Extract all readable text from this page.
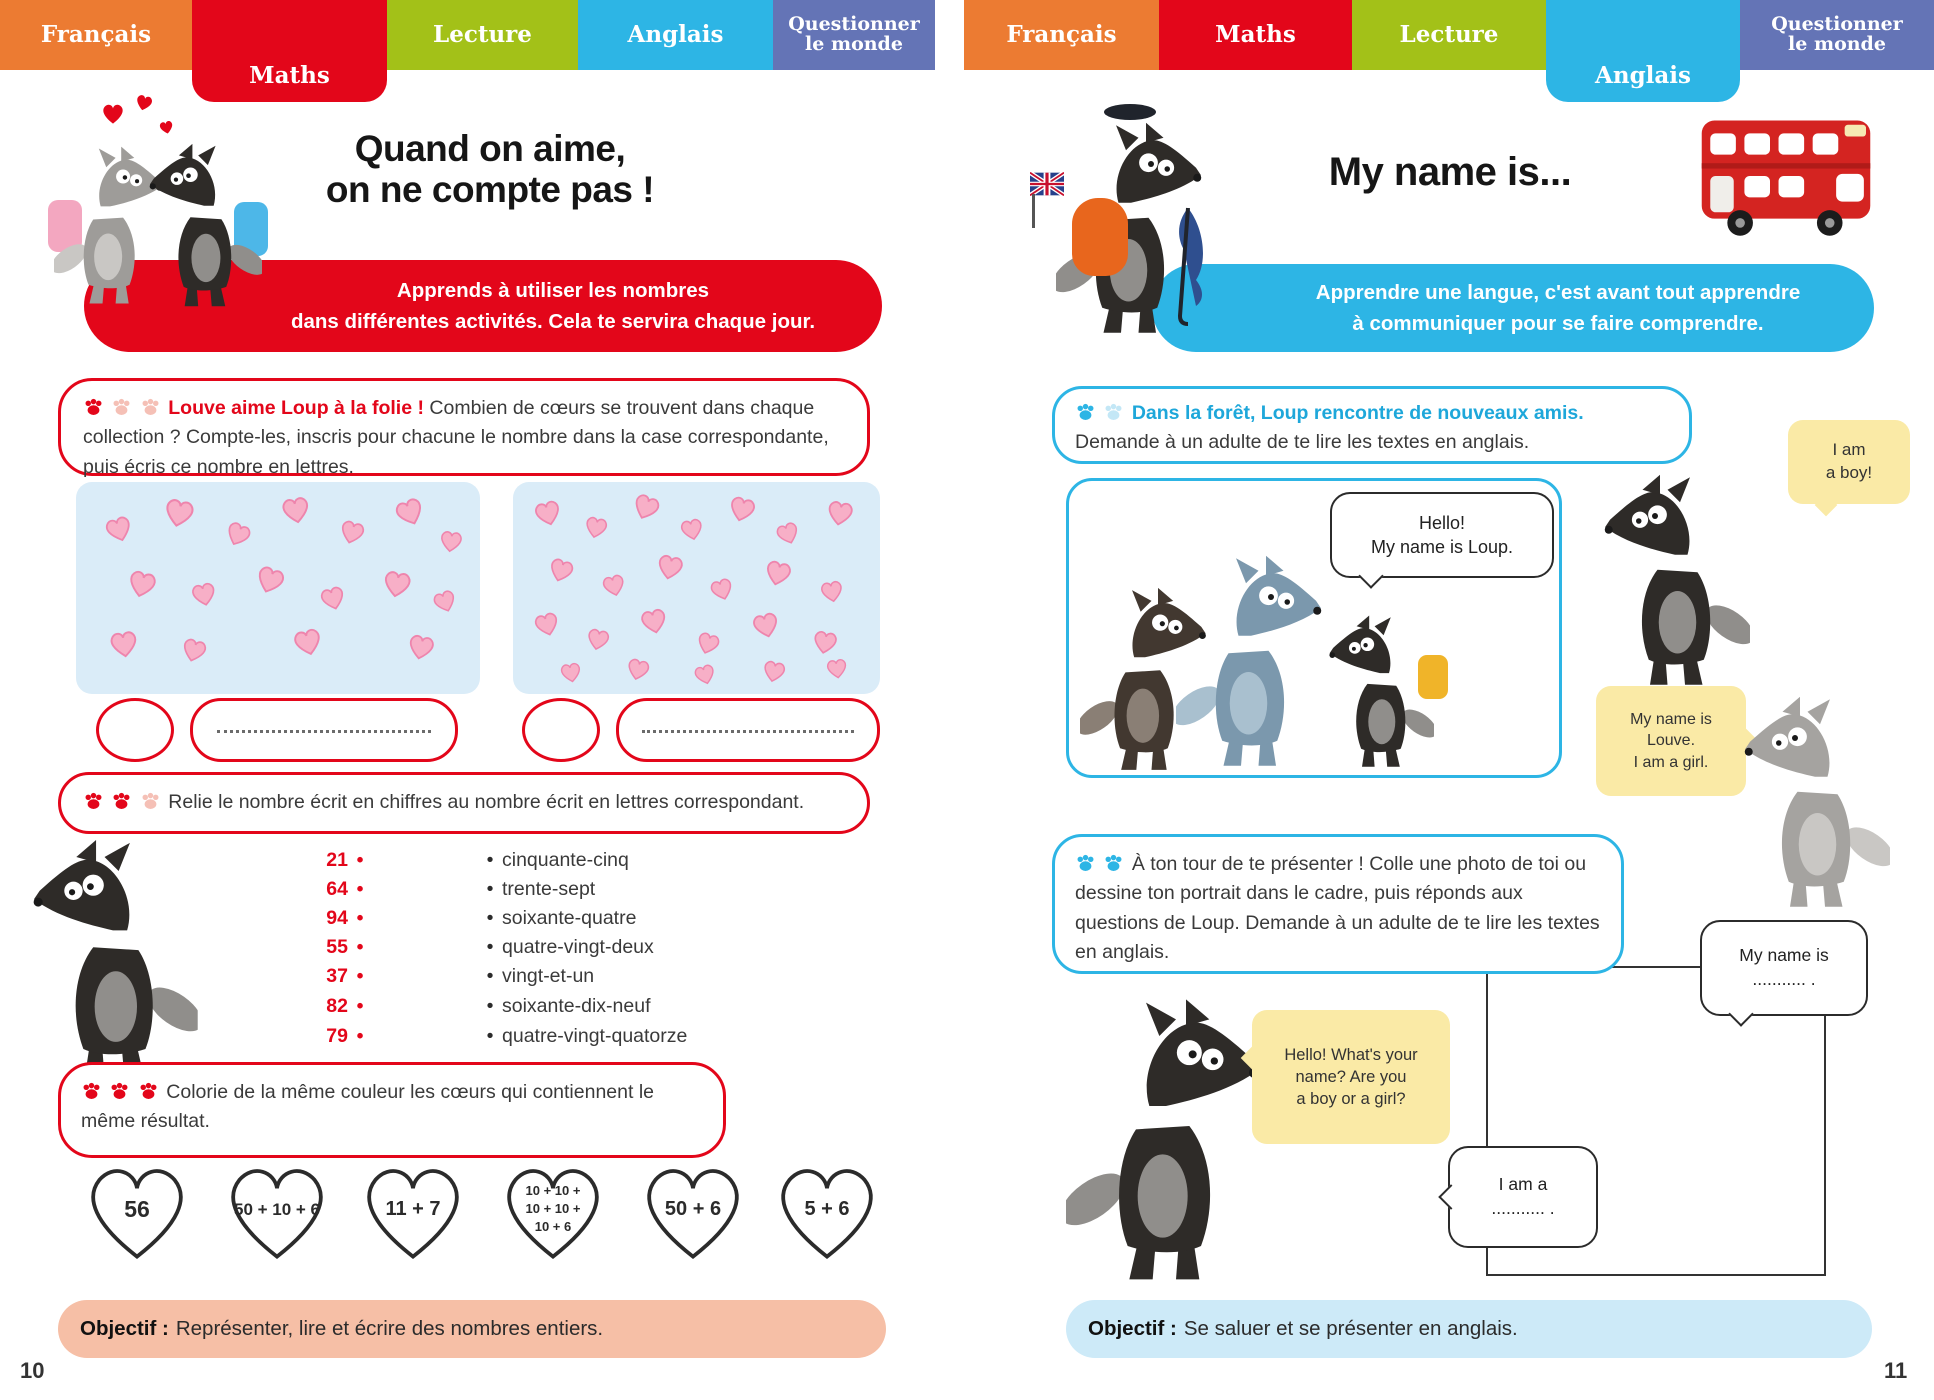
Français
Maths
Lecture	Anglais	Questionner le monde	Français	Maths	Lecture
Anglais
Questionner le monde
Quand on aime,
on ne compte pas !
Apprends à utiliser les nombres
dans différentes activités. Cela te servira chaque jour.
Louve aime Loup à la folie ! Combien de cœurs se trouvent dans chaque collection ? Compte-les, inscris pour chacune le nombre dans la case correspondante, puis écris ce nombre en lettres.
Relie le nombre écrit en chiffres au nombre écrit en lettres correspondant.
21 •	• cinquante-cinq
64 •	• trente-sept
94 •	• soixante-quatre
55 •	• quatre-vingt-deux
37 •	• vingt-et-un
82 •	• soixante-dix-neuf
79 •	• quatre-vingt-quatorze
Colorie de la même couleur les cœurs qui contiennent le même résultat.
56	50 + 10 + 6	11 + 7
10 + 10 +
10 + 10 +
10 + 6
50 + 6	5 + 6
Objectif : Représenter, lire et écrire des nombres entiers.
10
My name is...
Apprendre une langue, c'est avant tout apprendre
à communiquer pour se faire comprendre.
Dans la forêt, Loup rencontre de nouveaux amis.
Demande à un adulte de te lire les textes en anglais.
Hello!
My name is Loup.
I am
a boy!
My name is
Louve.
I am a girl.
À ton tour de te présenter ! Colle une photo de toi ou dessine ton portrait dans le cadre, puis réponds aux questions de Loup. Demande à un adulte de te lire les textes en anglais.	My name is
........... .
I am a
........... .
Hello! What's your
name? Are you
a boy or a girl?
Objectif : Se saluer et se présenter en anglais.
11
